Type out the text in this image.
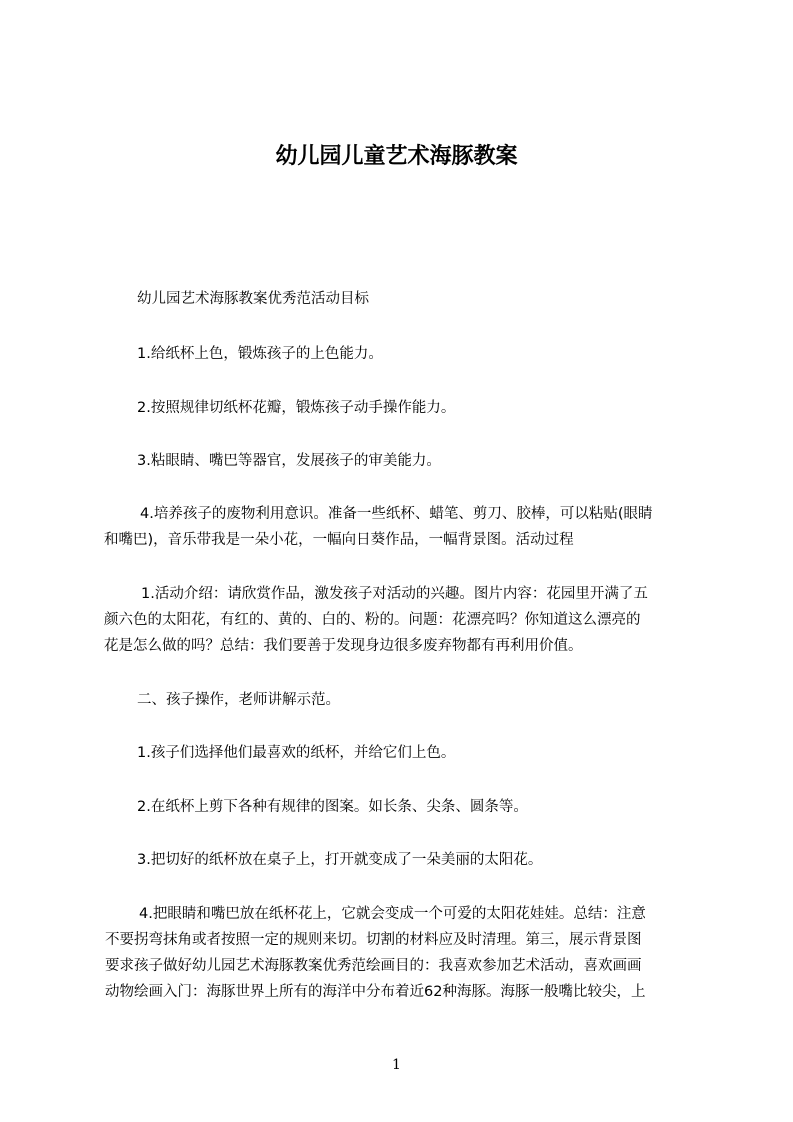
幼儿园儿童艺术海豚教案

幼儿园艺术海豚教案优秀范活动目标

1.给纸杯上色，锻炼孩子的上色能力。

2.按照规律切纸杯花瓣，锻炼孩子动手操作能力。

3.粘眼睛、嘴巴等器官，发展孩子的审美能力。

4.培养孩子的废物利用意识。准备一些纸杯、蜡笔、剪刀、胶棒，可以粘贴(眼睛

和嘴巴)，音乐带我是一朵小花，一幅向日葵作品，一幅背景图。活动过程

1.活动介绍：请欣赏作品，激发孩子对活动的兴趣。图片内容：花园里开满了五

颜六色的太阳花，有红的、黄的、白的、粉的。问题：花漂亮吗？你知道这么漂亮的

花是怎么做的吗？总结：我们要善于发现身边很多废弃物都有再利用价值。

二、孩子操作，老师讲解示范。

1.孩子们选择他们最喜欢的纸杯，并给它们上色。

2.在纸杯上剪下各种有规律的图案。如长条、尖条、圆条等。

3.把切好的纸杯放在桌子上，打开就变成了一朵美丽的太阳花。

4.把眼睛和嘴巴放在纸杯花上，它就会变成一个可爱的太阳花娃娃。总结：注意

不要拐弯抹角或者按照一定的规则来切。切割的材料应及时清理。第三，展示背景图

要求孩子做好幼儿园艺术海豚教案优秀范绘画目的：我喜欢参加艺术活动，喜欢画画

动物绘画入门：海豚世界上所有的海洋中分布着近62种海豚。海豚一般嘴比较尖，上

1
